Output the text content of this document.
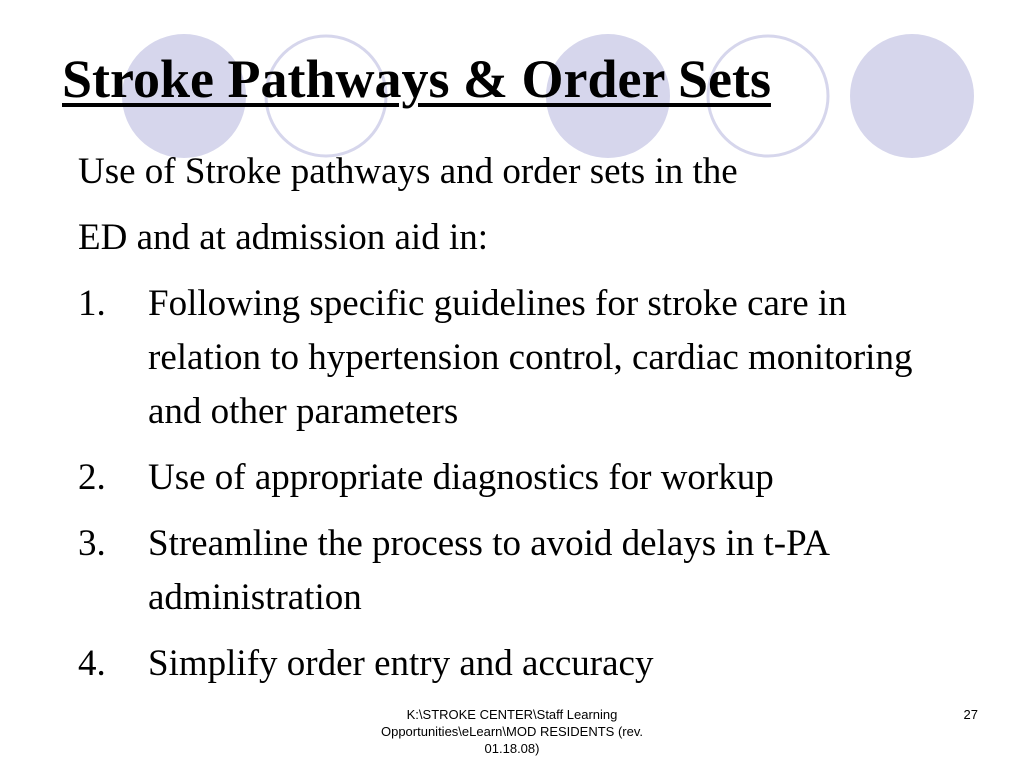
Stroke Pathways & Order Sets

Use of Stroke pathways and order sets in the

ED and at admission aid in:

1.	Following specific guidelines for stroke care in relation to hypertension control, cardiac monitoring and other parameters
2.	Use of appropriate diagnostics for workup
3.	Streamline the process to avoid delays in t-PA administration
4.	Simplify order entry and accuracy
K:\STROKE CENTER\Staff Learning Opportunities\eLearn\MOD RESIDENTS (rev. 01.18.08)
27
